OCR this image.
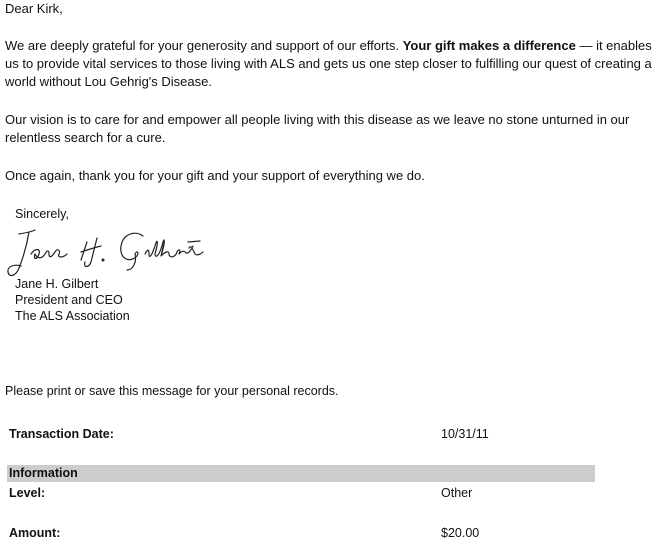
Dear Kirk,

We are deeply grateful for your generosity and support of our efforts. Your gift makes a difference — it enables
us to provide vital services to those living with ALS and gets us one step closer to fulfilling our quest of creating a
world without Lou Gehrig's Disease.

Our vision is to care for and empower all people living with this disease as we leave no stone unturned in our
relentless search for a cure.

Once again, thank you for your gift and your support of everything we do.

Sincerely,
Jane H. Gilbert
President and CEO
The ALS Association
Please print or save this message for your personal records.
Transaction Date:	10/31/11
Information
Level:	Other
Amount:	$20.00
